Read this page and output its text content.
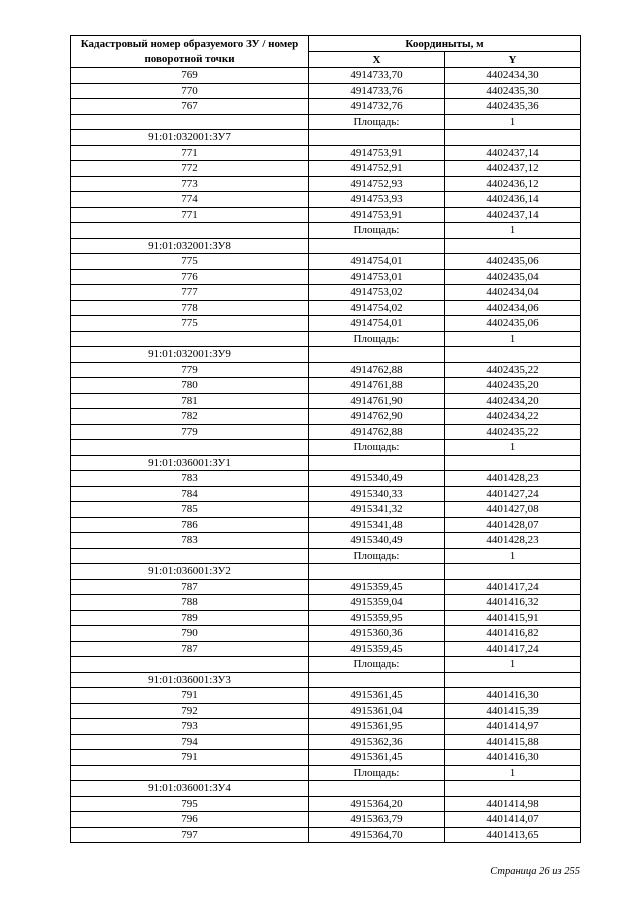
Кадастровый номер образуемого ЗУ / номер поворотной точки	Координыты, м	
	X	Y
769	4914733,70	4402434,30
770	4914733,76	4402435,30
767	4914732,76	4402435,36
	Площадь:	1
91:01:032001:ЗУ7		
771	4914753,91	4402437,14
772	4914752,91	4402437,12
773	4914752,93	4402436,12
774	4914753,93	4402436,14
771	4914753,91	4402437,14
	Площадь:	1
91:01:032001:ЗУ8		
775	4914754,01	4402435,06
776	4914753,01	4402435,04
777	4914753,02	4402434,04
778	4914754,02	4402434,06
775	4914754,01	4402435,06
	Площадь:	1
91:01:032001:ЗУ9		
779	4914762,88	4402435,22
780	4914761,88	4402435,20
781	4914761,90	4402434,20
782	4914762,90	4402434,22
779	4914762,88	4402435,22
	Площадь:	1
91:01:036001:ЗУ1		
783	4915340,49	4401428,23
784	4915340,33	4401427,24
785	4915341,32	4401427,08
786	4915341,48	4401428,07
783	4915340,49	4401428,23
	Площадь:	1
91:01:036001:ЗУ2		
787	4915359,45	4401417,24
788	4915359,04	4401416,32
789	4915359,95	4401415,91
790	4915360,36	4401416,82
787	4915359,45	4401417,24
	Площадь:	1
91:01:036001:ЗУ3		
791	4915361,45	4401416,30
792	4915361,04	4401415,39
793	4915361,95	4401414,97
794	4915362,36	4401415,88
791	4915361,45	4401416,30
	Площадь:	1
91:01:036001:ЗУ4		
795	4915364,20	4401414,98
796	4915363,79	4401414,07
797	4915364,70	4401413,65
Страница 26 из 255
